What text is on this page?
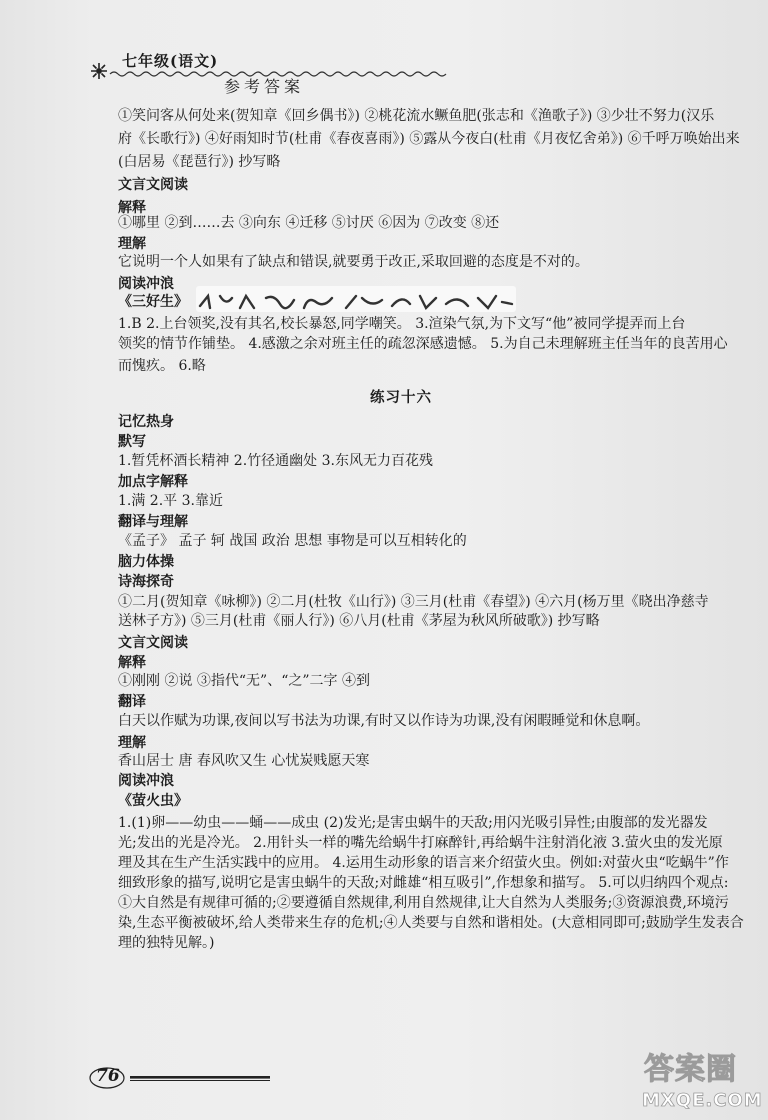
七年级(语文)
参考答案
①笑问客从何处来(贺知章《回乡偶书》) ②桃花流水鳜鱼肥(张志和《渔歌子》) ③少壮不努力(汉乐
府《长歌行》) ④好雨知时节(杜甫《春夜喜雨》) ⑤露从今夜白(杜甫《月夜忆舍弟》) ⑥千呼万唤始出来
(白居易《琵琶行》) 抄写略
文言文阅读
解释
①哪里 ②到……去 ③向东 ④迁移 ⑤讨厌 ⑥因为 ⑦改变 ⑧还
理解
它说明一个人如果有了缺点和错误,就要勇于改正,采取回避的态度是不对的。
阅读冲浪
《三好生》
1.B 2.上台领奖,没有其名,校长暴怒,同学嘲笑。 3.渲染气氛,为下文写“他”被同学提弄而上台
领奖的情节作铺垫。 4.感激之余对班主任的疏忽深感遗憾。 5.为自己未理解班主任当年的良苦用心
而愧疚。 6.略
练习十六
记忆热身
默写
1.暂凭杯酒长精神 2.竹径通幽处 3.东风无力百花残
加点字解释
1.满 2.平 3.靠近
翻译与理解
《孟子》 孟子 轲 战国 政治 思想 事物是可以互相转化的
脑力体操
诗海探奇
①二月(贺知章《咏柳》) ②二月(杜牧《山行》) ③三月(杜甫《春望》) ④六月(杨万里《晓出净慈寺
送林子方》) ⑤三月(杜甫《丽人行》) ⑥八月(杜甫《茅屋为秋风所破歌》) 抄写略
文言文阅读
解释
①刚刚 ②说 ③指代“无”、“之”二字 ④到
翻译
白天以作赋为功课,夜间以写书法为功课,有时又以作诗为功课,没有闲暇睡觉和休息啊。
理解
香山居士 唐 春风吹又生 心忧炭贱愿天寒
阅读冲浪
《萤火虫》
1.(1)卵——幼虫——蛹——成虫 (2)发光;是害虫蜗牛的天敌;用闪光吸引异性;由腹部的发光器发
光;发出的光是冷光。 2.用针头一样的嘴先给蜗牛打麻醉针,再给蜗牛注射消化液 3.萤火虫的发光原
理及其在生产生活实践中的应用。 4.运用生动形象的语言来介绍萤火虫。例如:对萤火虫“吃蜗牛”作
细致形象的描写,说明它是害虫蜗牛的天敌;对雌雄“相互吸引”,作想象和描写。 5.可以归纳四个观点:
①大自然是有规律可循的;②要遵循自然规律,利用自然规律,让大自然为人类服务;③资源浪费,环境污
染,生态平衡被破坏,给人类带来生存的危机;④人类要与自然和谐相处。(大意相同即可;鼓励学生发表合
理的独特见解。)
76	答案圈
MXQE.COM
